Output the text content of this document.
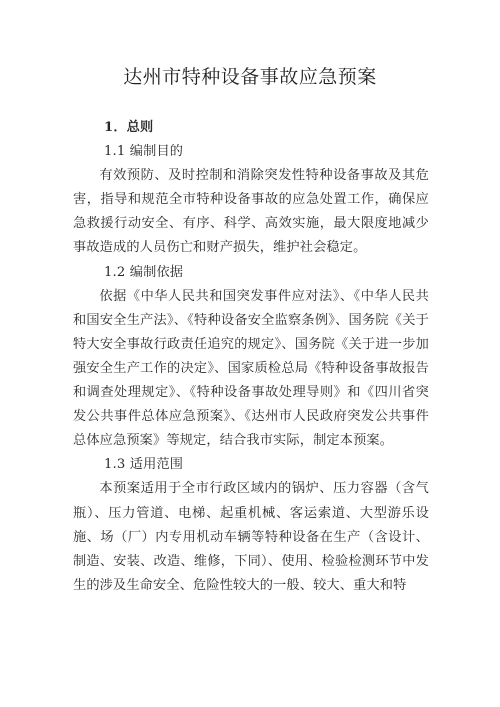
达州市特种设备事故应急预案
1．总则
1.1 编制目的

有效预防、及时控制和消除突发性特种设备事故及其危害，指导和规范全市特种设备事故的应急处置工作，确保应急救援行动安全、有序、科学、高效实施，最大限度地减少事故造成的人员伤亡和财产损失，维护社会稳定。

1.2 编制依据

依据《中华人民共和国突发事件应对法》、《中华人民共和国安全生产法》、《特种设备安全监察条例》、国务院《关于特大安全事故行政责任追究的规定》、国务院《关于进一步加强安全生产工作的决定》、国家质检总局《特种设备事故报告和调查处理规定》、《特种设备事故处理导则》和《四川省突发公共事件总体应急预案》、《达州市人民政府突发公共事件总体应急预案》等规定，结合我市实际，制定本预案。

1.3 适用范围

本预案适用于全市行政区域内的锅炉、压力容器（含气瓶）、压力管道、电梯、起重机械、客运索道、大型游乐设施、场（厂）内专用机动车辆等特种设备在生产（含设计、制造、安装、改造、维修，下同）、使用、检验检测环节中发生的涉及生命安全、危险性较大的一般、较大、重大和特
